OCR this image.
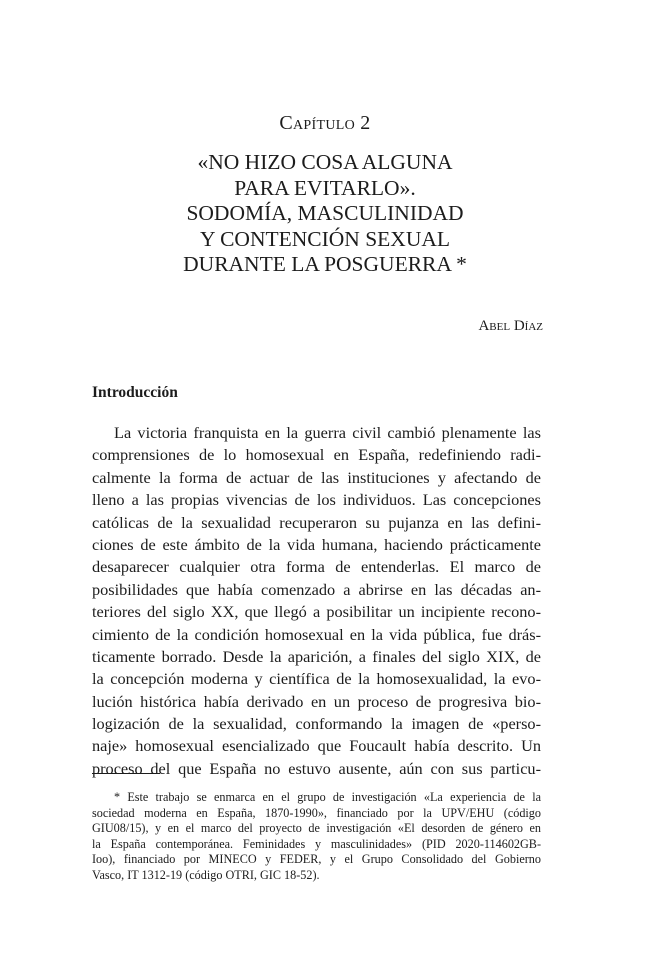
Capítulo 2
«NO HIZO COSA ALGUNA
PARA EVITARLO».
SODOMÍA, MASCULINIDAD
Y CONTENCIÓN SEXUAL
DURANTE LA POSGUERRA *
Abel Díaz
Introducción
La victoria franquista en la guerra civil cambió plenamente las
comprensiones de lo homosexual en España, redefiniendo radi-
calmente la forma de actuar de las instituciones y afectando de
lleno a las propias vivencias de los individuos. Las concepciones
católicas de la sexualidad recuperaron su pujanza en las defini-
ciones de este ámbito de la vida humana, haciendo prácticamente
desaparecer cualquier otra forma de entenderlas. El marco de
posibilidades que había comenzado a abrirse en las décadas an-
teriores del siglo XX, que llegó a posibilitar un incipiente recono-
cimiento de la condición homosexual en la vida pública, fue drás-
ticamente borrado. Desde la aparición, a finales del siglo XIX, de
la concepción moderna y científica de la homosexualidad, la evo-
lución histórica había derivado en un proceso de progresiva bio-
logización de la sexualidad, conformando la imagen de «perso-
naje» homosexual esencializado que Foucault había descrito. Un
proceso del que España no estuvo ausente, aún con sus particu-
* Este trabajo se enmarca en el grupo de investigación «La experiencia de la
sociedad moderna en España, 1870-1990», financiado por la UPV/EHU (código
GIU08/15), y en el marco del proyecto de investigación «El desorden de género en
la España contemporánea. Feminidades y masculinidades» (PID 2020-114602GB-
Ioo), financiado por MINECO y FEDER, y el Grupo Consolidado del Gobierno
Vasco, IT 1312-19 (código OTRI, GIC 18-52).
